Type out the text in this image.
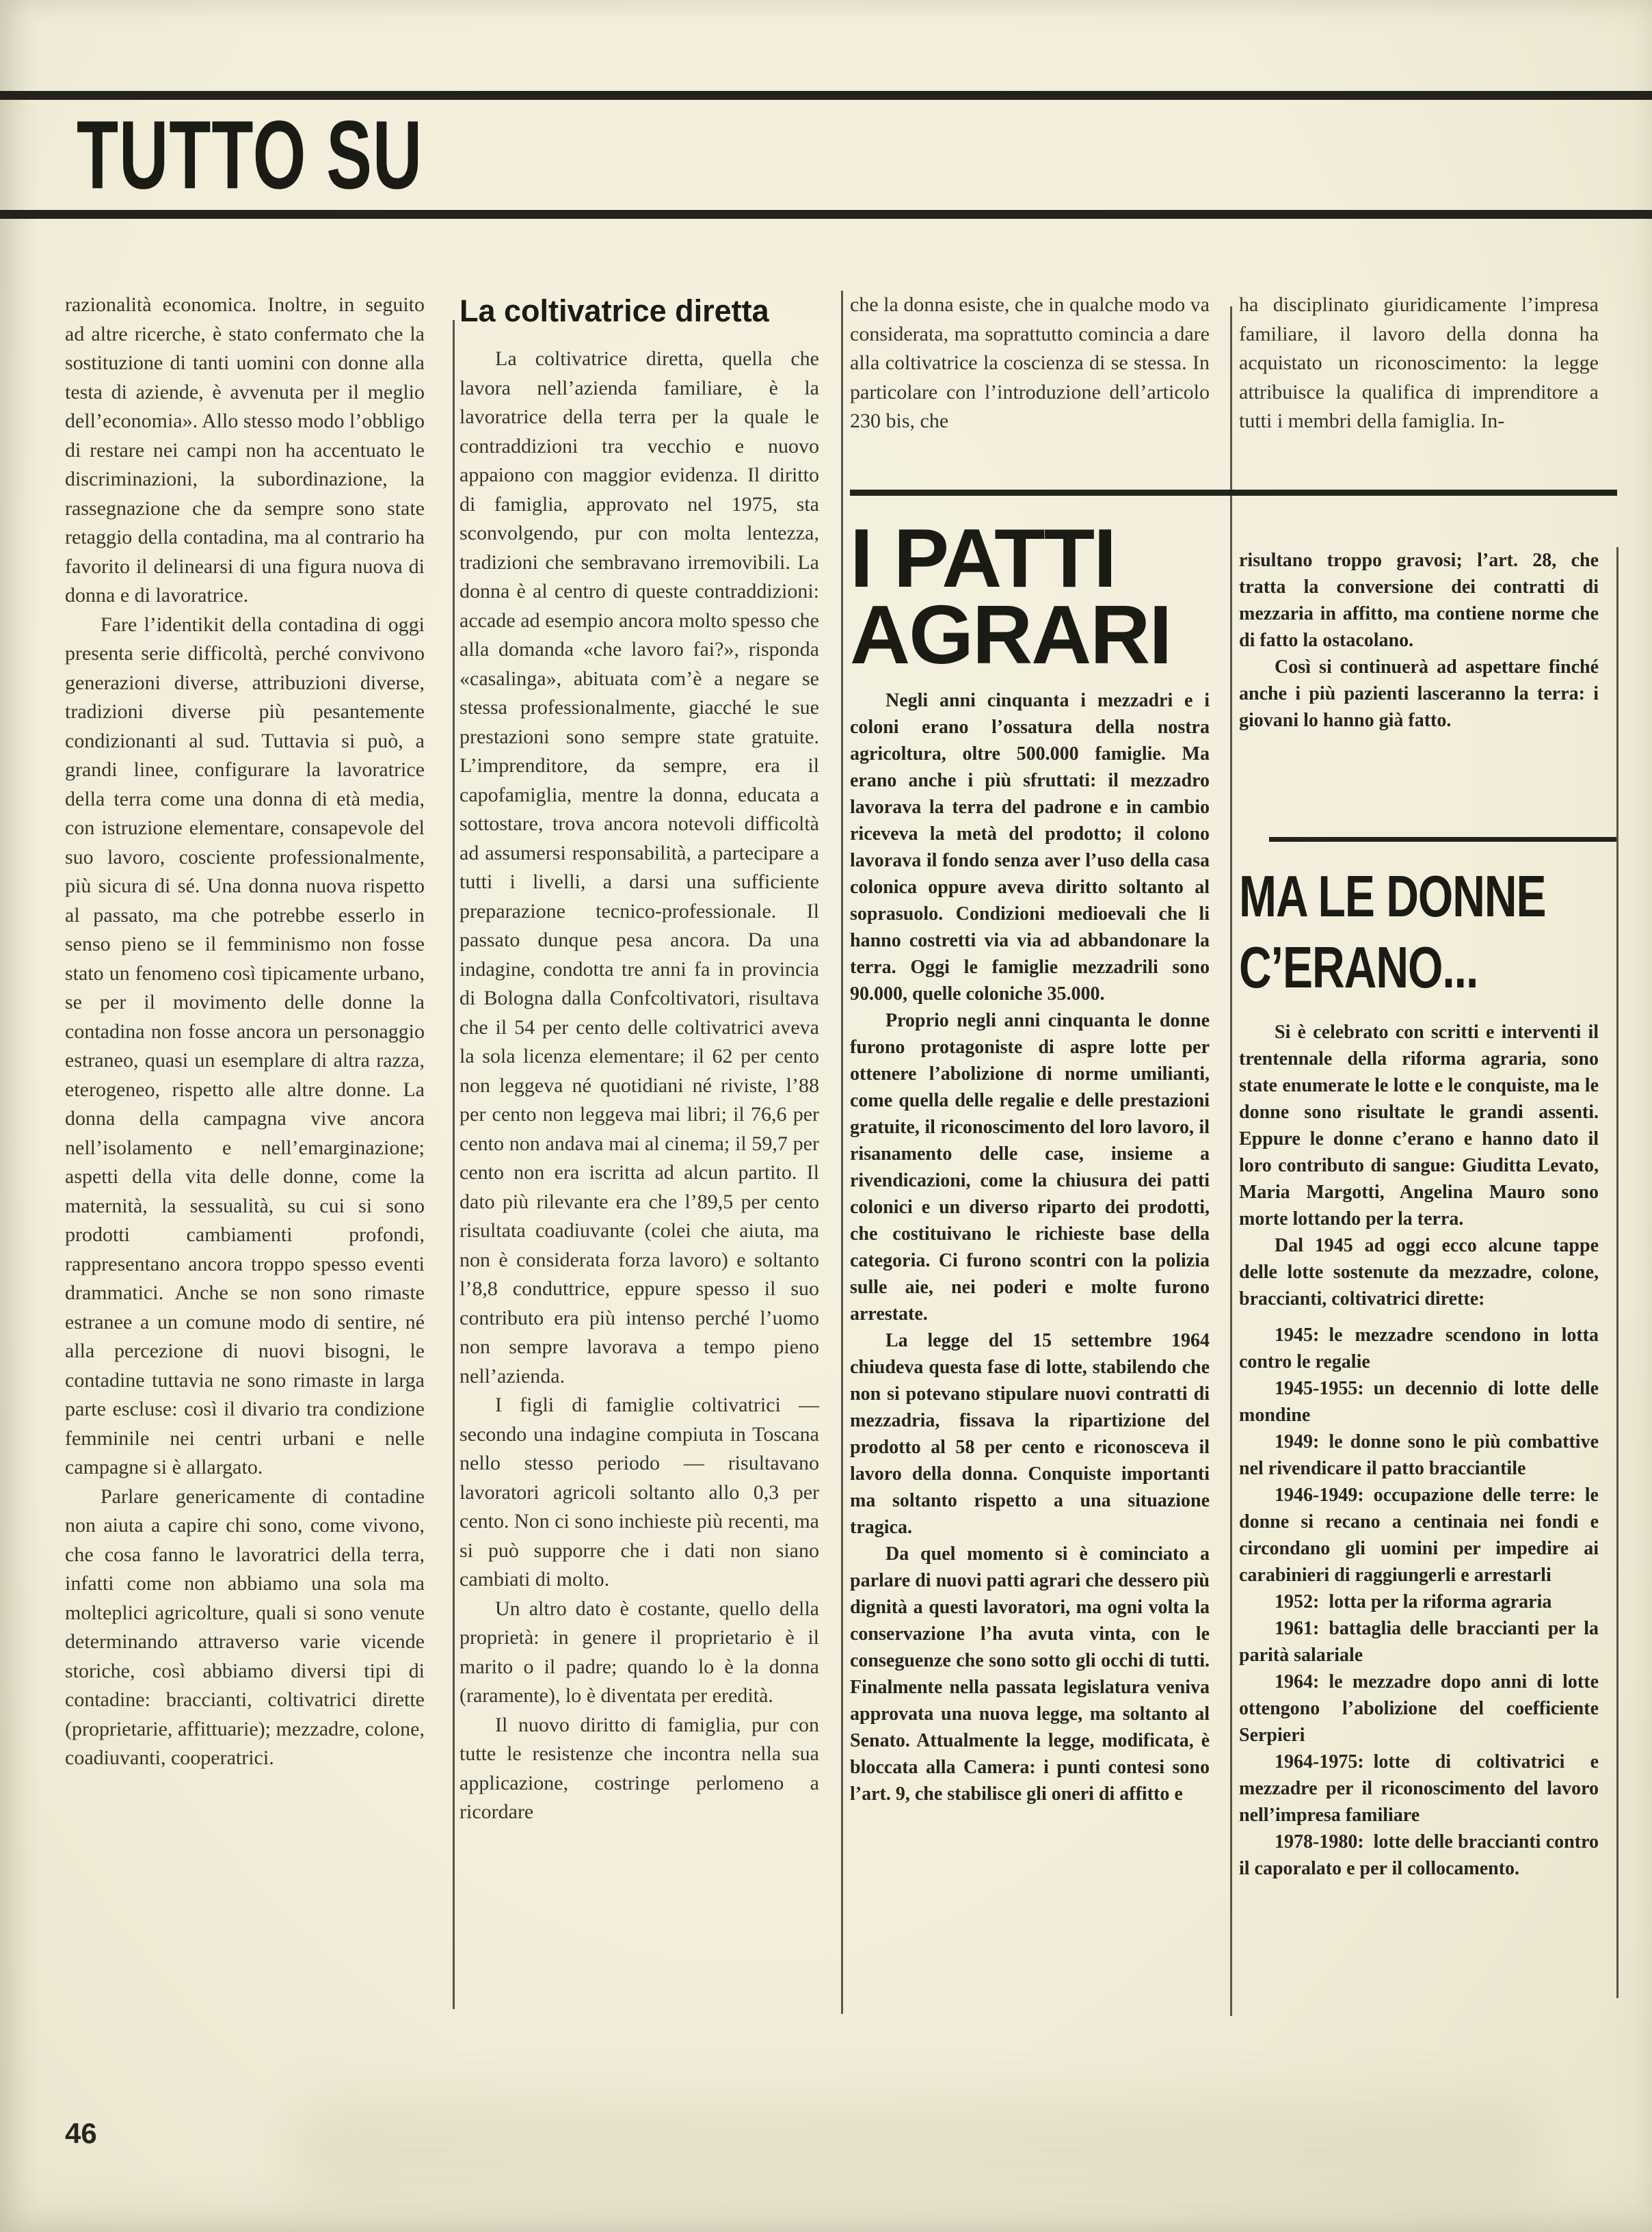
TUTTO SU

razionalità economica. Inoltre, in seguito ad altre ricerche, è stato confermato che la sostituzione di tanti uomini con donne alla testa di aziende, è avvenuta per il meglio dell’economia». Allo stesso modo l’obbligo di restare nei campi non ha accentuato le discriminazioni, la subordinazione, la rassegnazione che da sempre sono state retaggio della contadina, ma al contrario ha favorito il delinearsi di una figura nuova di donna e di lavoratrice.

Fare l’identikit della contadina di oggi presenta serie difficoltà, perché convivono generazioni diverse, attribuzioni diverse, tradizioni diverse più pesantemente condizionanti al sud. Tuttavia si può, a grandi linee, configurare la lavoratrice della terra come una donna di età media, con istruzione elementare, consapevole del suo lavoro, cosciente professionalmente, più sicura di sé. Una donna nuova rispetto al passato, ma che potrebbe esserlo in senso pieno se il femminismo non fosse stato un fenomeno così tipicamente urbano, se per il movimento delle donne la contadina non fosse ancora un personaggio estraneo, quasi un esemplare di altra razza, eterogeneo, rispetto alle altre donne. La donna della campagna vive ancora nell’isolamento e nell’emarginazione; aspetti della vita delle donne, come la maternità, la sessualità, su cui si sono prodotti cambiamenti profondi, rappresentano ancora troppo spesso eventi drammatici. Anche se non sono rimaste estranee a un comune modo di sentire, né alla percezione di nuovi bisogni, le contadine tuttavia ne sono rimaste in larga parte escluse: così il divario tra condizione femminile nei centri urbani e nelle campagne si è allargato.

Parlare genericamente di contadine non aiuta a capire chi sono, come vivono, che cosa fanno le lavoratrici della terra, infatti come non abbiamo una sola ma molteplici agricolture, quali si sono venute determinando attraverso varie vicende storiche, così abbiamo diversi tipi di contadine: braccianti, coltivatrici dirette (proprietarie, affittuarie); mezzadre, colone, coadiuvanti, cooperatrici.

La coltivatrice diretta

La coltivatrice diretta, quella che lavora nell’azienda familiare, è la lavoratrice della terra per la quale le contraddizioni tra vecchio e nuovo appaiono con maggior evidenza. Il diritto di famiglia, approvato nel 1975, sta sconvolgendo, pur con molta lentezza, tradizioni che sembravano irremovibili. La donna è al centro di queste contraddizioni: accade ad esempio ancora molto spesso che alla domanda «che lavoro fai?», risponda «casalinga», abituata com’è a negare se stessa professionalmente, giacché le sue prestazioni sono sempre state gratuite. L’imprenditore, da sempre, era il capofamiglia, mentre la donna, educata a sottostare, trova ancora notevoli difficoltà ad assumersi responsabilità, a partecipare a tutti i livelli, a darsi una sufficiente preparazione tecnico-professionale. Il passato dunque pesa ancora. Da una indagine, condotta tre anni fa in provincia di Bologna dalla Confcoltivatori, risultava che il 54 per cento delle coltivatrici aveva la sola licenza elementare; il 62 per cento non leggeva né quotidiani né riviste, l’88 per cento non leggeva mai libri; il 76,6 per cento non andava mai al cinema; il 59,7 per cento non era iscritta ad alcun partito. Il dato più rilevante era che l’89,5 per cento risultata coadiuvante (colei che aiuta, ma non è considerata forza lavoro) e soltanto l’8,8 conduttrice, eppure spesso il suo contributo era più intenso perché l’uomo non sempre lavorava a tempo pieno nell’azienda.

I figli di famiglie coltivatrici — secondo una indagine compiuta in Toscana nello stesso periodo — risultavano lavoratori agricoli soltanto allo 0,3 per cento. Non ci sono inchieste più recenti, ma si può supporre che i dati non siano cambiati di molto.

Un altro dato è costante, quello della proprietà: in genere il proprietario è il marito o il padre; quando lo è la donna (raramente), lo è diventata per eredità.

Il nuovo diritto di famiglia, pur con tutte le resistenze che incontra nella sua applicazione, costringe perlomeno a ricordare

che la donna esiste, che in qualche modo va considerata, ma soprattutto comincia a dare alla coltivatrice la coscienza di se stessa. In particolare con l’introduzione dell’articolo 230 bis, che

ha disciplinato giuridicamente l’impresa familiare, il lavoro della donna ha acquistato un riconoscimento: la legge attribuisce la qualifica di imprenditore a tutti i membri della famiglia. In-

I PATTI AGRARI

Negli anni cinquanta i mezzadri e i coloni erano l’ossatura della nostra agricoltura, oltre 500.000 famiglie. Ma erano anche i più sfruttati: il mezzadro lavorava la terra del padrone e in cambio riceveva la metà del prodotto; il colono lavorava il fondo senza aver l’uso della casa colonica oppure aveva diritto soltanto al soprasuolo. Condizioni medioevali che li hanno costretti via via ad abbandonare la terra. Oggi le famiglie mezzadrili sono 90.000, quelle coloniche 35.000.

Proprio negli anni cinquanta le donne furono protagoniste di aspre lotte per ottenere l’abolizione di norme umilianti, come quella delle regalie e delle prestazioni gratuite, il riconoscimento del loro lavoro, il risanamento delle case, insieme a rivendicazioni, come la chiusura dei patti colonici e un diverso riparto dei prodotti, che costituivano le richieste base della categoria. Ci furono scontri con la polizia sulle aie, nei poderi e molte furono arrestate.

La legge del 15 settembre 1964 chiudeva questa fase di lotte, stabilendo che non si potevano stipulare nuovi contratti di mezzadria, fissava la ripartizione del prodotto al 58 per cento e riconosceva il lavoro della donna. Conquiste importanti ma soltanto rispetto a una situazione tragica.

Da quel momento si è cominciato a parlare di nuovi patti agrari che dessero più dignità a questi lavoratori, ma ogni volta la conservazione l’ha avuta vinta, con le conseguenze che sono sotto gli occhi di tutti. Finalmente nella passata legislatura veniva approvata una nuova legge, ma soltanto al Senato. Attualmente la legge, modificata, è bloccata alla Camera: i punti contesi sono l’art. 9, che stabilisce gli oneri di affitto e

risultano troppo gravosi; l’art. 28, che tratta la conversione dei contratti di mezzaria in affitto, ma contiene norme che di fatto la ostacolano.

Così si continuerà ad aspettare finché anche i più pazienti lasceranno la terra: i giovani lo hanno già fatto.

MA LE DONNE C’ERANO...

Si è celebrato con scritti e interventi il trentennale della riforma agraria, sono state enumerate le lotte e le conquiste, ma le donne sono risultate le grandi assenti. Eppure le donne c’erano e hanno dato il loro contributo di sangue: Giuditta Levato, Maria Margotti, Angelina Mauro sono morte lottando per la terra.

Dal 1945 ad oggi ecco alcune tappe delle lotte sostenute da mezzadre, colone, braccianti, coltivatrici dirette:

1945: le mezzadre scendono in lotta contro le regalie

1945-1955: un decennio di lotte delle mondine

1949: le donne sono le più combattive nel rivendicare il patto bracciantile

1946-1949: occupazione delle terre: le donne si recano a centinaia nei fondi e circondano gli uomini per impedire ai carabinieri di raggiungerli e arrestarli

1952: lotta per la riforma agraria

1961: battaglia delle braccianti per la parità salariale

1964: le mezzadre dopo anni di lotte ottengono l’abolizione del coefficiente Serpieri

1964-1975: lotte di coltivatrici e mezzadre per il riconoscimento del lavoro nell’impresa familiare

1978-1980: lotte delle braccianti contro il caporalato e per il collocamento.

46
